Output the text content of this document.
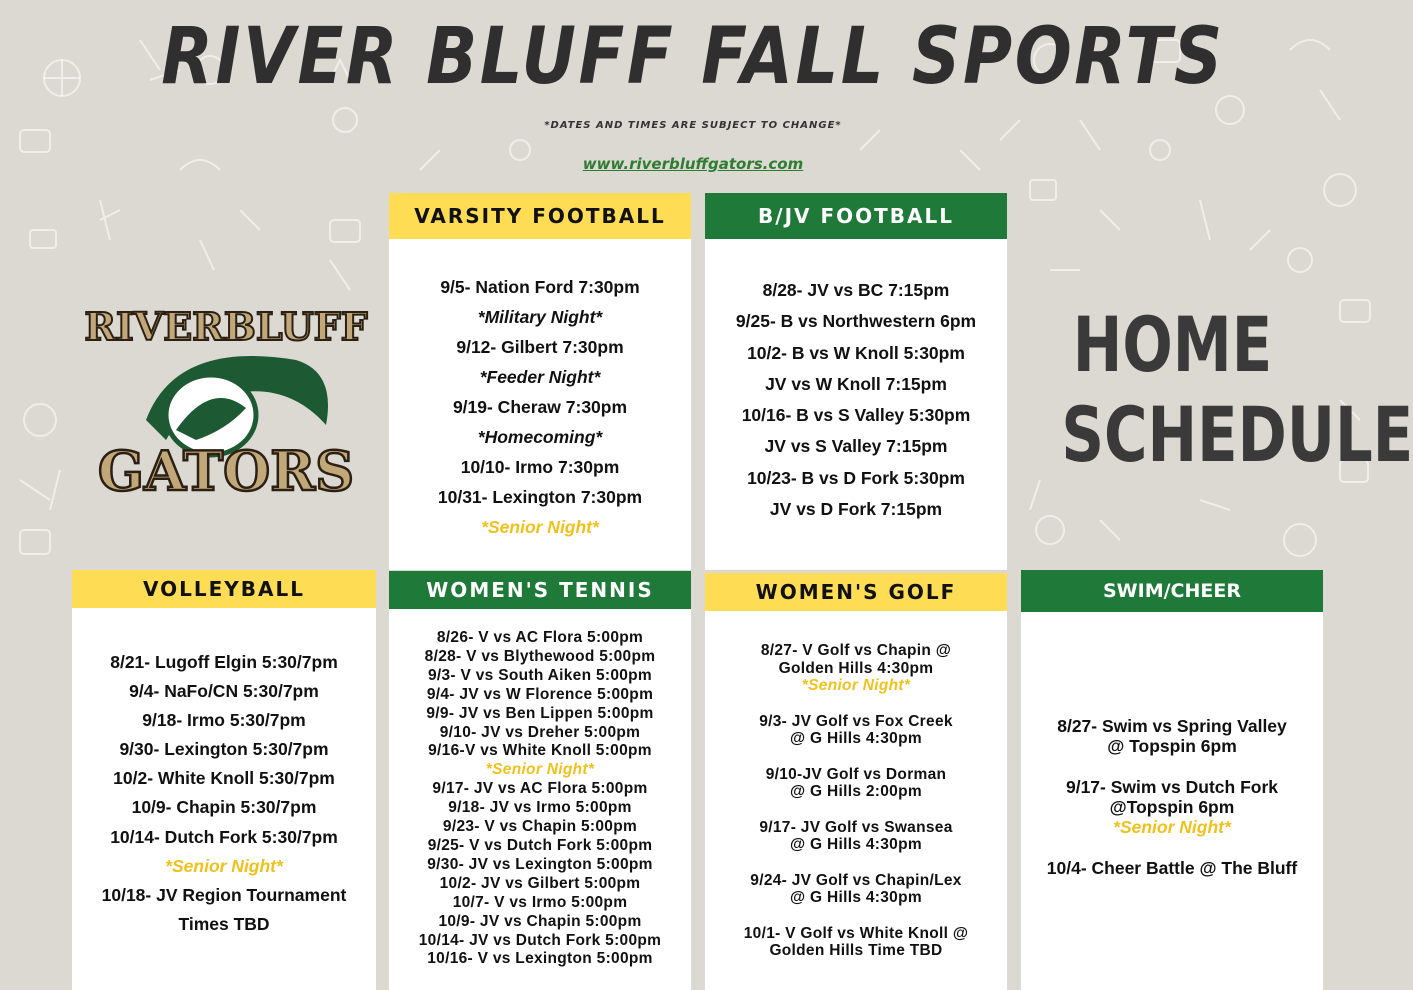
RIVER BLUFF FALL SPORTS
*DATES AND TIMES ARE SUBJECT TO CHANGE*
www.riverbluffgators.com
RIVERBLUFF
GATORS
HOME
SCHEDULE
VARSITY FOOTBALL
9/5- Nation Ford 7:30pm
*Military Night*
9/12- Gilbert 7:30pm
*Feeder Night*
9/19- Cheraw 7:30pm
*Homecoming*
10/10- Irmo 7:30pm
10/31- Lexington 7:30pm
*Senior Night*
B/JV FOOTBALL
8/28- JV vs BC 7:15pm
9/25- B vs Northwestern 6pm
10/2- B vs W Knoll 5:30pm
JV vs W Knoll 7:15pm
10/16- B vs S Valley 5:30pm
JV vs S Valley 7:15pm
10/23- B vs D Fork 5:30pm
JV vs D Fork 7:15pm
VOLLEYBALL
8/21- Lugoff Elgin 5:30/7pm
9/4- NaFo/CN 5:30/7pm
9/18- Irmo 5:30/7pm
9/30- Lexington 5:30/7pm
10/2- White Knoll 5:30/7pm
10/9- Chapin 5:30/7pm
10/14- Dutch Fork 5:30/7pm
*Senior Night*
10/18- JV Region Tournament
Times TBD
WOMEN'S TENNIS
8/26- V vs AC Flora 5:00pm
8/28- V vs Blythewood 5:00pm
9/3- V vs South Aiken 5:00pm
9/4- JV vs W Florence 5:00pm
9/9- JV vs Ben Lippen 5:00pm
9/10- JV vs Dreher 5:00pm
9/16-V vs White Knoll 5:00pm
*Senior Night*
9/17- JV vs AC Flora 5:00pm
9/18- JV vs Irmo 5:00pm
9/23- V vs Chapin 5:00pm
9/25- V vs Dutch Fork 5:00pm
9/30- JV vs Lexington 5:00pm
10/2- JV vs Gilbert 5:00pm
10/7- V vs Irmo 5:00pm
10/9- JV vs Chapin 5:00pm
10/14- JV vs Dutch Fork 5:00pm
10/16- V vs Lexington 5:00pm
WOMEN'S GOLF
8/27- V Golf vs Chapin @
Golden Hills 4:30pm
*Senior Night*
9/3- JV Golf vs Fox Creek
@ G Hills 4:30pm
9/10-JV Golf vs Dorman
@ G Hills 2:00pm
9/17- JV Golf vs Swansea
@ G Hills 4:30pm
9/24- JV Golf vs Chapin/Lex
@ G Hills 4:30pm
10/1- V Golf vs White Knoll @
Golden Hills Time TBD
SWIM/CHEER
8/27- Swim vs Spring Valley
@ Topspin 6pm
9/17- Swim vs Dutch Fork
@Topspin 6pm
*Senior Night*
10/4- Cheer Battle @ The Bluff
